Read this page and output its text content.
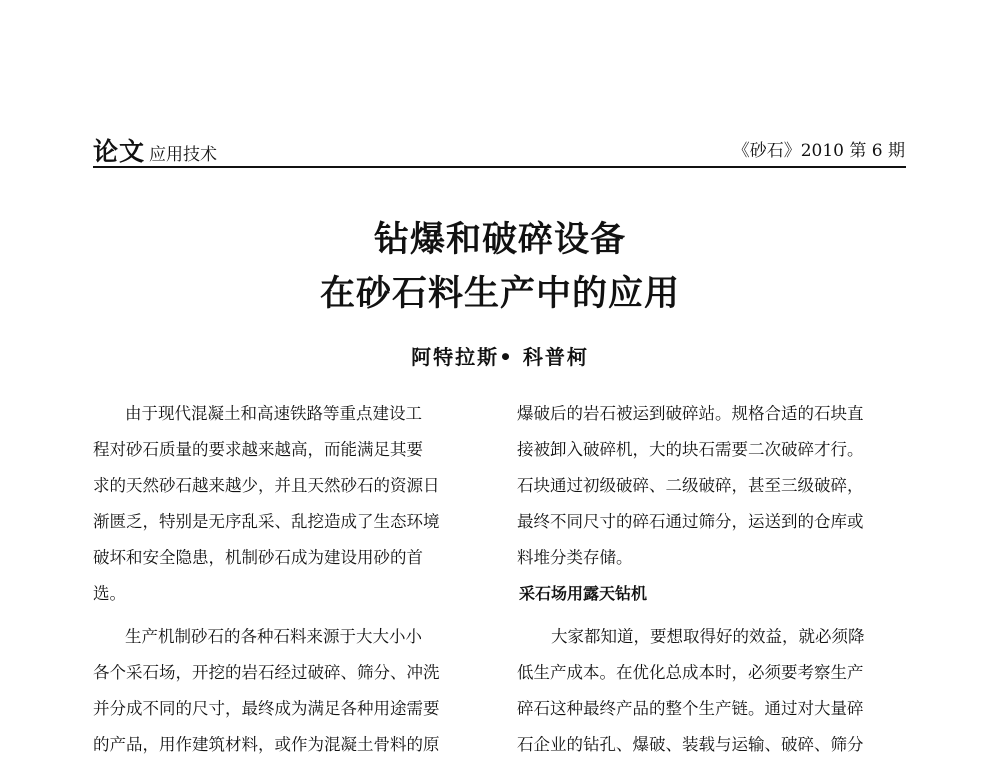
论文 应用技术	《砂石》2010 第 6 期
钻爆和破碎设备
在砂石料生产中的应用
阿特拉斯• 科普柯
由于现代混凝土和高速铁路等重点建设工
程对砂石质量的要求越来越高，而能满足其要
求的天然砂石越来越少，并且天然砂石的资源日
渐匮乏，特别是无序乱采、乱挖造成了生态环境
破坏和安全隐患，机制砂石成为建设用砂的首
选。
生产机制砂石的各种石料来源于大大小小
各个采石场，开挖的岩石经过破碎、筛分、冲洗
并分成不同的尺寸，最终成为满足各种用途需要
的产品，用作建筑材料，或作为混凝土骨料的原
爆破后的岩石被运到破碎站。规格合适的石块直
接被卸入破碎机，大的块石需要二次破碎才行。
石块通过初级破碎、二级破碎，甚至三级破碎，
最终不同尺寸的碎石通过筛分，运送到的仓库或
料堆分类存储。
采石场用露天钻机
大家都知道，要想取得好的效益，就必须降
低生产成本。在优化总成本时，必须要考察生产
碎石这种最终产品的整个生产链。通过对大量碎
石企业的钻孔、爆破、装载与运输、破碎、筛分
